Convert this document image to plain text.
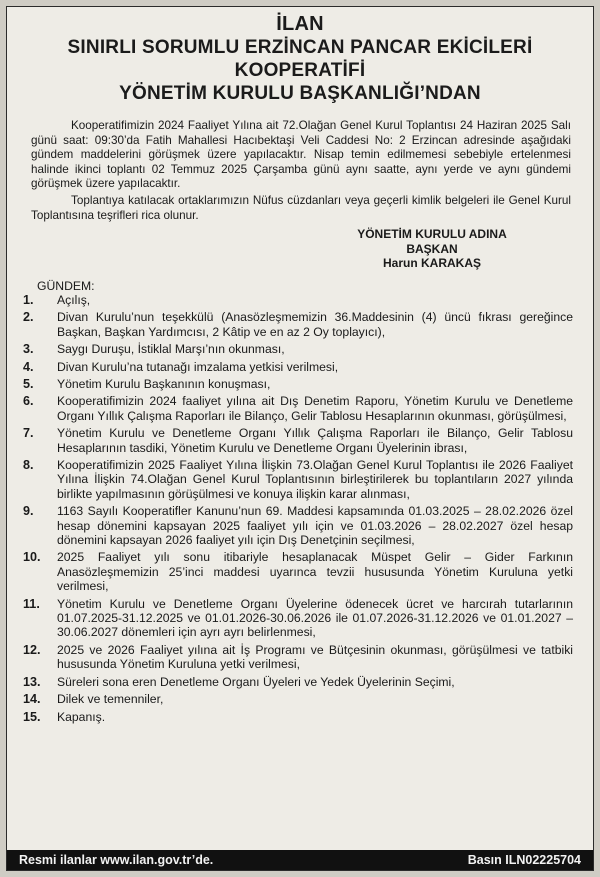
İLAN
SINIRLI SORUMLU ERZİNCAN PANCAR EKİCİLERİ
KOOPERATİFİ
YÖNETİM KURULU BAŞKANLIĞI’NDAN

Kooperatifimizin 2024 Faaliyet Yılına ait 72.Olağan Genel Kurul Toplantısı 24 Haziran 2025 Salı günü saat: 09:30’da Fatih Mahallesi Hacıbektaşi Veli Caddesi No: 2 Erzincan adresinde aşağıdaki gündem maddelerini görüşmek üzere yapılacaktır. Nisap temin edilmemesi sebebiyle ertelenmesi halinde ikinci toplantı 02 Temmuz 2025 Çarşamba günü aynı saatte, aynı yerde ve aynı gündemi görüşmek üzere yapılacaktır.

Toplantıya katılacak ortaklarımızın Nüfus cüzdanları veya geçerli kimlik belgeleri ile Genel Kurul Toplantısına teşrifleri rica olunur.

YÖNETİM KURULU ADINA
BAŞKAN
Harun KARAKAŞ
GÜNDEM:
1.	Açılış,
2.	Divan Kurulu’nun teşekkülü (Anasözleşmemizin 36.Maddesinin (4) üncü fıkrası gereğince Başkan, Başkan Yardımcısı, 2 Kâtip ve en az 2 Oy toplayıcı),
3.	Saygı Duruşu, İstiklal Marşı’nın okunması,
4.	Divan Kurulu’na tutanağı imzalama yetkisi verilmesi,
5.	Yönetim Kurulu Başkanının konuşması,
6.	Kooperatifimizin 2024 faaliyet yılına ait Dış Denetim Raporu, Yönetim Kurulu ve Denetleme Organı Yıllık Çalışma Raporları ile Bilanço, Gelir Tablosu Hesaplarının okunması, görüşülmesi,
7.	Yönetim Kurulu ve Denetleme Organı Yıllık Çalışma Raporları ile Bilanço, Gelir Tablosu Hesaplarının tasdiki, Yönetim Kurulu ve Denetleme Organı Üyelerinin ibrası,
8.	Kooperatifimizin 2025 Faaliyet Yılına İlişkin 73.Olağan Genel Kurul Toplantısı ile 2026 Faaliyet Yılına İlişkin 74.Olağan Genel Kurul Toplantısının birleştirilerek bu toplantıların 2027 yılında birlikte yapılmasının görüşülmesi ve konuya ilişkin karar alınması,
9.	1163 Sayılı Kooperatifler Kanunu’nun 69. Maddesi kapsamında 01.03.2025 – 28.02.2026 özel hesap dönemini kapsayan 2025 faaliyet yılı için ve 01.03.2026 – 28.02.2027 özel hesap dönemini kapsayan 2026 faaliyet yılı için Dış Denetçinin seçilmesi,
10.	2025 Faaliyet yılı sonu itibariyle hesaplanacak Müspet Gelir – Gider Farkının Anasözleşmemizin 25’inci maddesi uyarınca tevzii hususunda Yönetim Kuruluna yetki verilmesi,
11.	Yönetim Kurulu ve Denetleme Organı Üyelerine ödenecek ücret ve harcırah tutarlarının 01.07.2025-31.12.2025 ve 01.01.2026-30.06.2026 ile 01.07.2026-31.12.2026 ve 01.01.2027 – 30.06.2027 dönemleri için ayrı ayrı belirlenmesi,
12.	2025 ve 2026 Faaliyet yılına ait İş Programı ve Bütçesinin okunması, görüşülmesi ve tatbiki hususunda Yönetim Kuruluna yetki verilmesi,
13.	Süreleri sona eren Denetleme Organı Üyeleri ve Yedek Üyelerinin Seçimi,
14.	Dilek ve temenniler,
15.	Kapanış.
Resmi ilanlar www.ilan.gov.tr’de.	Basın ILN02225704
